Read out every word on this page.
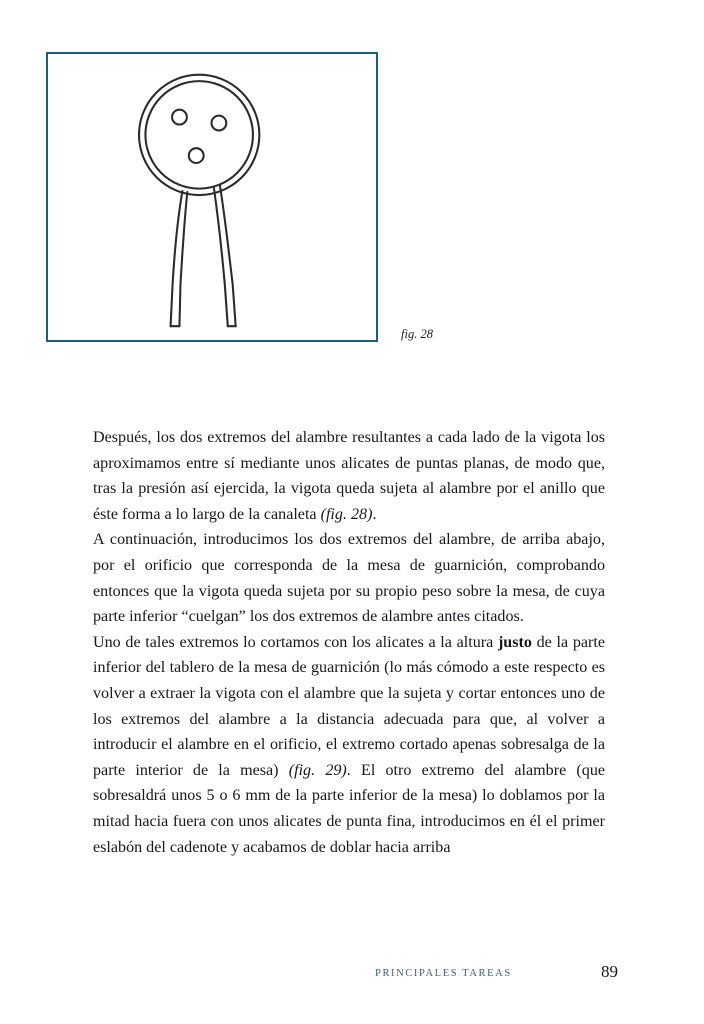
fig. 28

Después, los dos extremos del alambre resultantes a cada lado de la vigota los aproximamos entre sí mediante unos alicates de puntas planas, de modo que, tras la presión así ejercida, la vigota queda sujeta al alambre por el anillo que éste forma a lo largo de la canaleta (fig. 28).

A continuación, introducimos los dos extremos del alambre, de arriba abajo, por el orificio que corresponda de la mesa de guarnición, comprobando entonces que la vigota queda sujeta por su propio peso sobre la mesa, de cuya parte inferior “cuelgan” los dos extremos de alambre antes citados.

Uno de tales extremos lo cortamos con los alicates a la altura justo de la parte inferior del tablero de la mesa de guarnición (lo más cómodo a este respecto es volver a extraer la vigota con el alambre que la sujeta y cortar entonces uno de los extremos del alambre a la distancia adecuada para que, al volver a introducir el alambre en el orificio, el extremo cortado apenas sobresalga de la parte interior de la mesa) (fig. 29). El otro extremo del alambre (que sobresaldrá unos 5 o 6 mm de la parte inferior de la mesa) lo doblamos por la mitad hacia fuera con unos alicates de punta fina, introducimos en él el primer eslabón del cadenote y acabamos de doblar hacia arriba

PRINCIPALES TAREAS	89
